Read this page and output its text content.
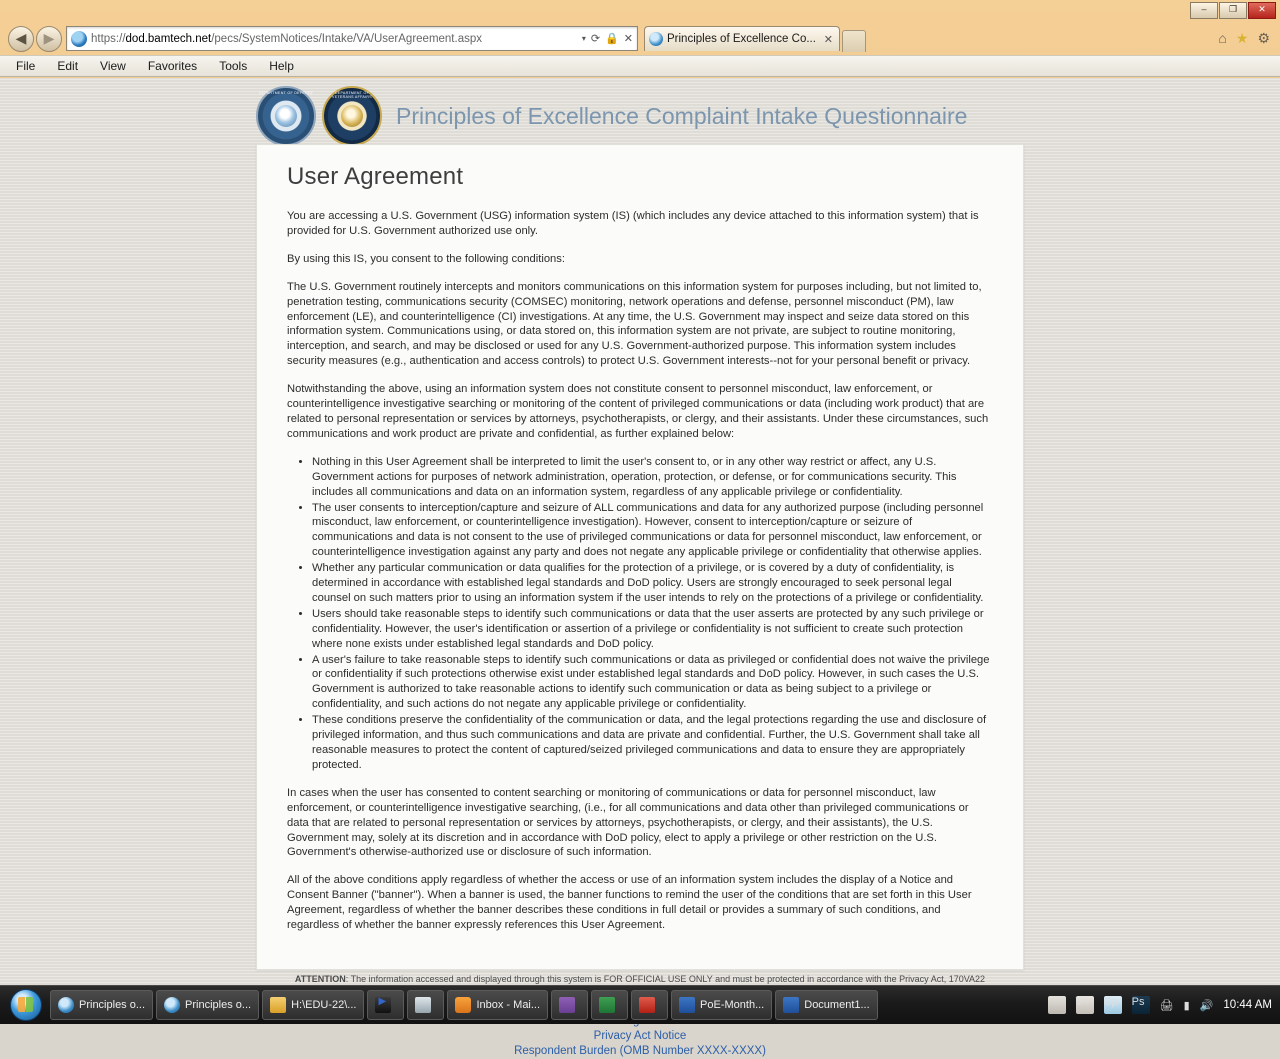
–	❐	✕
◀	▶	https://dod.bamtech.net/pecs/SystemNotices/Intake/VA/UserAgreement.aspx	▾ ⟳ 🔒 ✕	Principles of Excellence Co... ✕	⌂ ★ ⚙
File Edit View Favorites Tools Help
DEPARTMENT OF DEFENSE	DEPARTMENT OF VETERANS AFFAIRS
Principles of Excellence Complaint Intake Questionnaire
User Agreement

You are accessing a U.S. Government (USG) information system (IS) (which includes any device attached to this information system) that is provided for U.S. Government authorized use only.

By using this IS, you consent to the following conditions:

The U.S. Government routinely intercepts and monitors communications on this information system for purposes including, but not limited to, penetration testing, communications security (COMSEC) monitoring, network operations and defense, personnel misconduct (PM), law enforcement (LE), and counterintelligence (CI) investigations. At any time, the U.S. Government may inspect and seize data stored on this information system. Communications using, or data stored on, this information system are not private, are subject to routine monitoring, interception, and search, and may be disclosed or used for any U.S. Government-authorized purpose. This information system includes security measures (e.g., authentication and access controls) to protect U.S. Government interests--not for your personal benefit or privacy.

Notwithstanding the above, using an information system does not constitute consent to personnel misconduct, law enforcement, or counterintelligence investigative searching or monitoring of the content of privileged communications or data (including work product) that are related to personal representation or services by attorneys, psychotherapists, or clergy, and their assistants. Under these circumstances, such communications and work product are private and confidential, as further explained below:

• Nothing in this User Agreement shall be interpreted to limit the user's consent to, or in any other way restrict or affect, any U.S. Government actions for purposes of network administration, operation, protection, or defense, or for communications security. This includes all communications and data on an information system, regardless of any applicable privilege or confidentiality.
• The user consents to interception/capture and seizure of ALL communications and data for any authorized purpose (including personnel misconduct, law enforcement, or counterintelligence investigation). However, consent to interception/capture or seizure of communications and data is not consent to the use of privileged communications or data for personnel misconduct, law enforcement, or counterintelligence investigation against any party and does not negate any applicable privilege or confidentiality that otherwise applies.
• Whether any particular communication or data qualifies for the protection of a privilege, or is covered by a duty of confidentiality, is determined in accordance with established legal standards and DoD policy. Users are strongly encouraged to seek personal legal counsel on such matters prior to using an information system if the user intends to rely on the protections of a privilege or confidentiality.
• Users should take reasonable steps to identify such communications or data that the user asserts are protected by any such privilege or confidentiality. However, the user's identification or assertion of a privilege or confidentiality is not sufficient to create such protection where none exists under established legal standards and DoD policy.
• A user's failure to take reasonable steps to identify such communications or data as privileged or confidential does not waive the privilege or confidentiality if such protections otherwise exist under established legal standards and DoD policy. However, in such cases the U.S. Government is authorized to take reasonable actions to identify such communication or data as being subject to a privilege or confidentiality, and such actions do not negate any applicable privilege or confidentiality.
• These conditions preserve the confidentiality of the communication or data, and the legal protections regarding the use and disclosure of privileged information, and thus such communications and data are private and confidential. Further, the U.S. Government shall take all reasonable measures to protect the content of captured/seized privileged communications and data to ensure they are appropriately protected.

In cases when the user has consented to content searching or monitoring of communications or data for personnel misconduct, law enforcement, or counterintelligence investigative searching, (i.e., for all communications and data other than privileged communications or data that are related to personal representation or services by attorneys, psychotherapists, or clergy, and their assistants), the U.S. Government may, solely at its discretion and in accordance with DoD policy, elect to apply a privilege or other restriction on the U.S. Government's otherwise-authorized use or disclosure of such information.

All of the above conditions apply regardless of whether the access or use of an information system includes the display of a Notice and Consent Banner ("banner"). When a banner is used, the banner functions to remind the user of the conditions that are set forth in this User Agreement, regardless of whether the banner describes these conditions in full detail or provides a summary of such conditions, and regardless of whether the banner expressly references this User Agreement.

ATTENTION: The information accessed and displayed through this system is FOR OFFICIAL USE ONLY and must be protected in accordance with the Privacy Act, 170VA22
Privacy Act Notice
Respondent Burden (OMB Number XXXX-XXXX)
Principles o...	Principles o...	H:\EDU-22\... ▶	Inbox - Mai...	PoE-Month...	Document1...	V	Cp	Ps	🖨 ▮ 🔊 10:44 AM
